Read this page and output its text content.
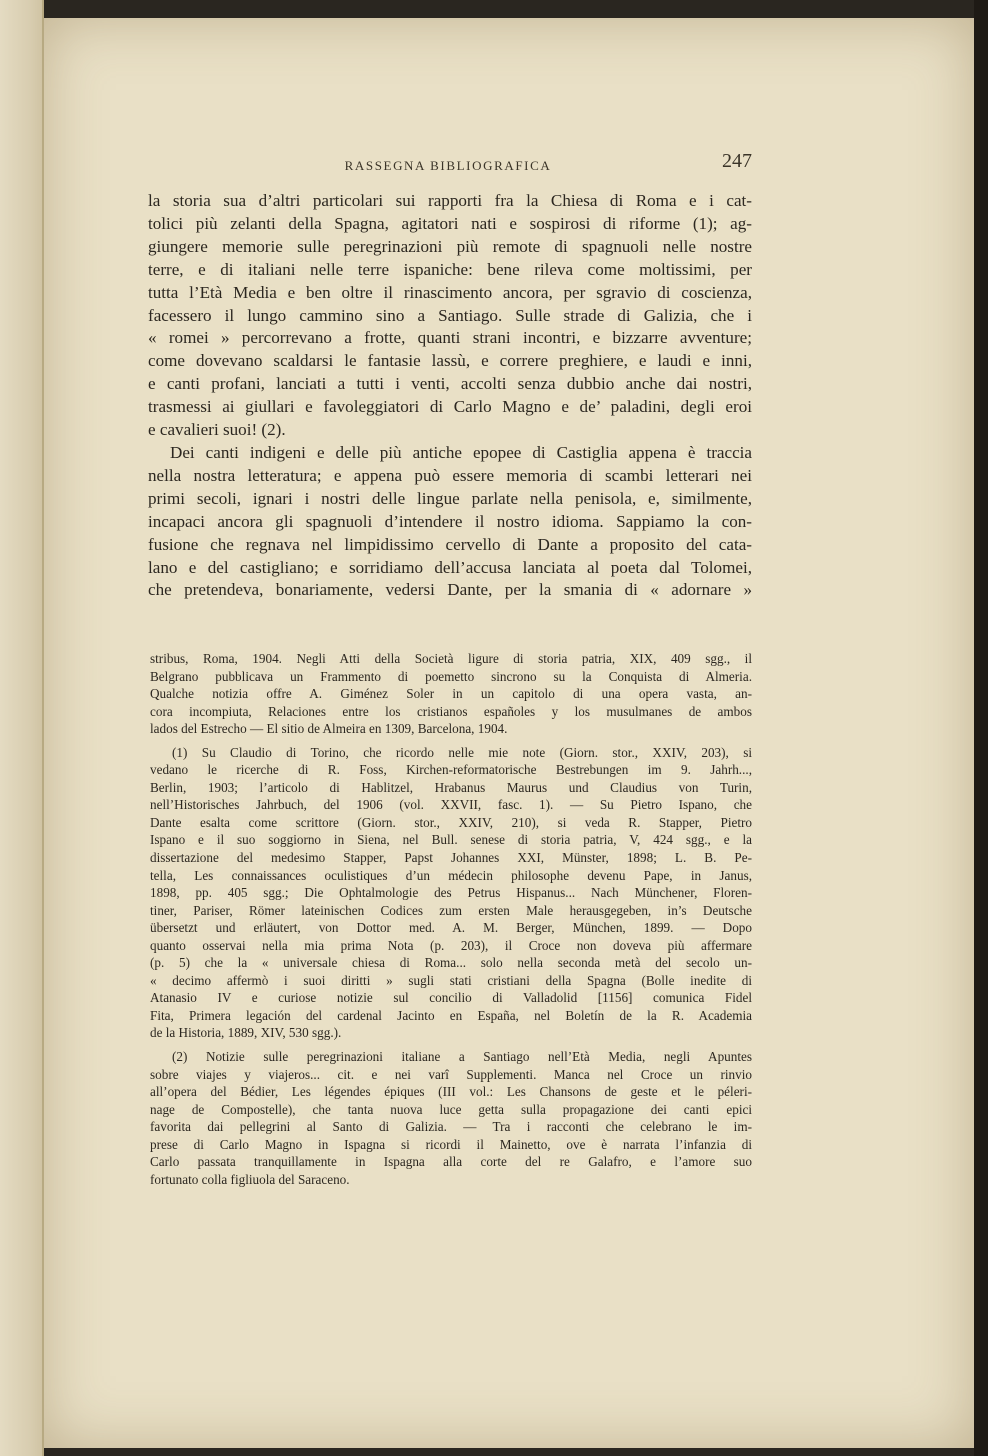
RASSEGNA BIBLIOGRAFICA	247
la storia sua d’altri particolari sui rapporti fra la Chiesa di Roma e i cat-
tolici più zelanti della Spagna, agitatori nati e sospirosi di riforme (1); ag-
giungere memorie sulle peregrinazioni più remote di spagnuoli nelle nostre
terre, e di italiani nelle terre ispaniche: bene rileva come moltissimi, per
tutta l’Età Media e ben oltre il rinascimento ancora, per sgravio di coscienza,
facessero il lungo cammino sino a Santiago. Sulle strade di Galizia, che i
« romei » percorrevano a frotte, quanti strani incontri, e bizzarre avventure;
come dovevano scaldarsi le fantasie lassù, e correre preghiere, e laudi e inni,
e canti profani, lanciati a tutti i venti, accolti senza dubbio anche dai nostri,
trasmessi ai giullari e favoleggiatori di Carlo Magno e de’ paladini, degli eroi
e cavalieri suoi! (2).
Dei canti indigeni e delle più antiche epopee di Castiglia appena è traccia
nella nostra letteratura; e appena può essere memoria di scambi letterari nei
primi secoli, ignari i nostri delle lingue parlate nella penisola, e, similmente,
incapaci ancora gli spagnuoli d’intendere il nostro idioma. Sappiamo la con-
fusione che regnava nel limpidissimo cervello di Dante a proposito del cata-
lano e del castigliano; e sorridiamo dell’accusa lanciata al poeta dal Tolomei,
che pretendeva, bonariamente, vedersi Dante, per la smania di « adornare »
stribus, Roma, 1904. Negli Atti della Società ligure di storia patria, XIX, 409 sgg., il
Belgrano pubblicava un Frammento di poemetto sincrono su la Conquista di Almeria.
Qualche notizia offre A. Giménez Soler in un capitolo di una opera vasta, an-
cora incompiuta, Relaciones entre los cristianos españoles y los musulmanes de ambos
lados del Estrecho — El sitio de Almeira en 1309, Barcelona, 1904.
(1) Su Claudio di Torino, che ricordo nelle mie note (Giorn. stor., XXIV, 203), si
vedano le ricerche di R. Foss, Kirchen-reformatorische Bestrebungen im 9. Jahrh...,
Berlin, 1903; l’articolo di Hablitzel, Hrabanus Maurus und Claudius von Turin,
nell’Historisches Jahrbuch, del 1906 (vol. XXVII, fasc. 1). — Su Pietro Ispano, che
Dante esalta come scrittore (Giorn. stor., XXIV, 210), si veda R. Stapper, Pietro
Ispano e il suo soggiorno in Siena, nel Bull. senese di storia patria, V, 424 sgg., e la
dissertazione del medesimo Stapper, Papst Johannes XXI, Münster, 1898; L. B. Pe-
tella, Les connaissances oculistiques d’un médecin philosophe devenu Pape, in Janus,
1898, pp. 405 sgg.; Die Ophtalmologie des Petrus Hispanus... Nach Münchener, Floren-
tiner, Pariser, Römer lateinischen Codices zum ersten Male herausgegeben, in’s Deutsche
übersetzt und erläutert, von Dottor med. A. M. Berger, München, 1899. — Dopo
quanto osservai nella mia prima Nota (p. 203), il Croce non doveva più affermare
(p. 5) che la « universale chiesa di Roma... solo nella seconda metà del secolo un-
« decimo affermò i suoi diritti » sugli stati cristiani della Spagna (Bolle inedite di
Atanasio IV e curiose notizie sul concilio di Valladolid [1156] comunica Fidel
Fita, Primera legación del cardenal Jacinto en España, nel Boletín de la R. Academia
de la Historia, 1889, XIV, 530 sgg.).
(2) Notizie sulle peregrinazioni italiane a Santiago nell’Età Media, negli Apuntes
sobre viajes y viajeros... cit. e nei varî Supplementi. Manca nel Croce un rinvio
all’opera del Bédier, Les légendes épiques (III vol.: Les Chansons de geste et le péleri-
nage de Compostelle), che tanta nuova luce getta sulla propagazione dei canti epici
favorita dai pellegrini al Santo di Galizia. — Tra i racconti che celebrano le im-
prese di Carlo Magno in Ispagna si ricordi il Mainetto, ove è narrata l’infanzia di
Carlo passata tranquillamente in Ispagna alla corte del re Galafro, e l’amore suo
fortunato colla figliuola del Saraceno.
